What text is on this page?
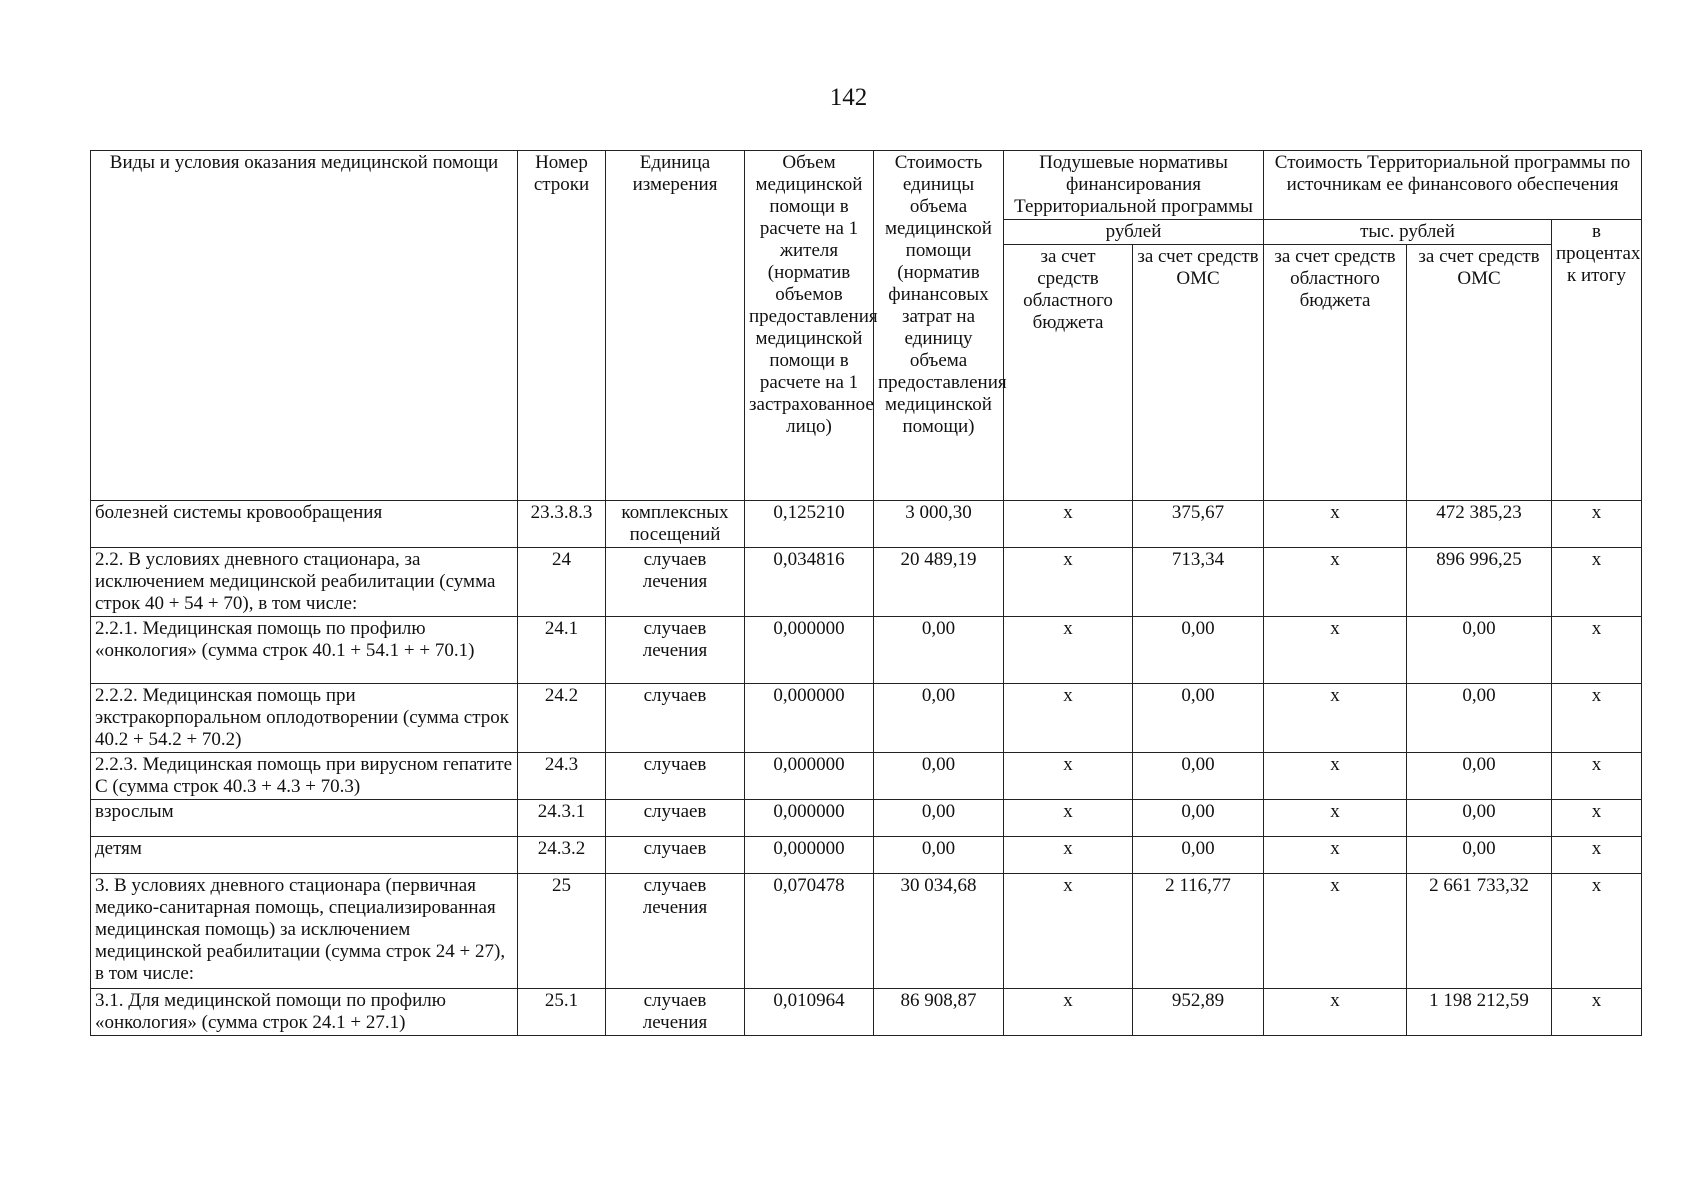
142
Виды и условия оказания медицинской помощи	Номер строки	Единица измерения	Объем медицинской помощи в расчете на 1 жителя (норматив объемов предоставления медицинской помощи в расчете на 1 застрахованное лицо)	Стоимость единицы объема медицинской помощи (норматив финансовых затрат на единицу объема предоставления медицинской помощи)	Подушевые нормативы финансирования Территориальной программы		Стоимость Территориальной программы по источникам ее финансового обеспечения		
					рублей		тыс. рублей		в процентах к итогу
					за счет средств областного бюджета	за счет средств ОМС	за счет средств областного бюджета	за счет средств ОМС	
болезней системы кровообращения	23.3.8.3	комплексных посещений	0,125210	3 000,30	х	375,67	х	472 385,23	х
2.2. В условиях дневного стационара, за исключением медицинской реабилитации (сумма строк 40 + 54 + 70), в том числе:	24	случаев лечения	0,034816	20 489,19	х	713,34	х	896 996,25	х
2.2.1. Медицинская помощь по профилю «онкология» (сумма строк 40.1 + 54.1 + + 70.1)	24.1	случаев лечения	0,000000	0,00	х	0,00	х	0,00	х
2.2.2. Медицинская помощь при экстракорпоральном оплодотворении (сумма строк 40.2 + 54.2 + 70.2)	24.2	случаев	0,000000	0,00	х	0,00	х	0,00	х
2.2.3. Медицинская помощь при вирусном гепатите С (сумма строк 40.3 + 4.3 + 70.3)	24.3	случаев	0,000000	0,00	х	0,00	х	0,00	х
взрослым	24.3.1	случаев	0,000000	0,00	х	0,00	х	0,00	х
детям	24.3.2	случаев	0,000000	0,00	х	0,00	х	0,00	х
3. В условиях дневного стационара (первичная медико-санитарная помощь, специализированная медицинская помощь) за исключением медицинской реабилитации (сумма строк 24 + 27), в том числе:	25	случаев лечения	0,070478	30 034,68	х	2 116,77	х	2 661 733,32	х
3.1. Для медицинской помощи по профилю «онкология» (сумма строк 24.1 + 27.1)	25.1	случаев лечения	0,010964	86 908,87	х	952,89	х	1 198 212,59	х
